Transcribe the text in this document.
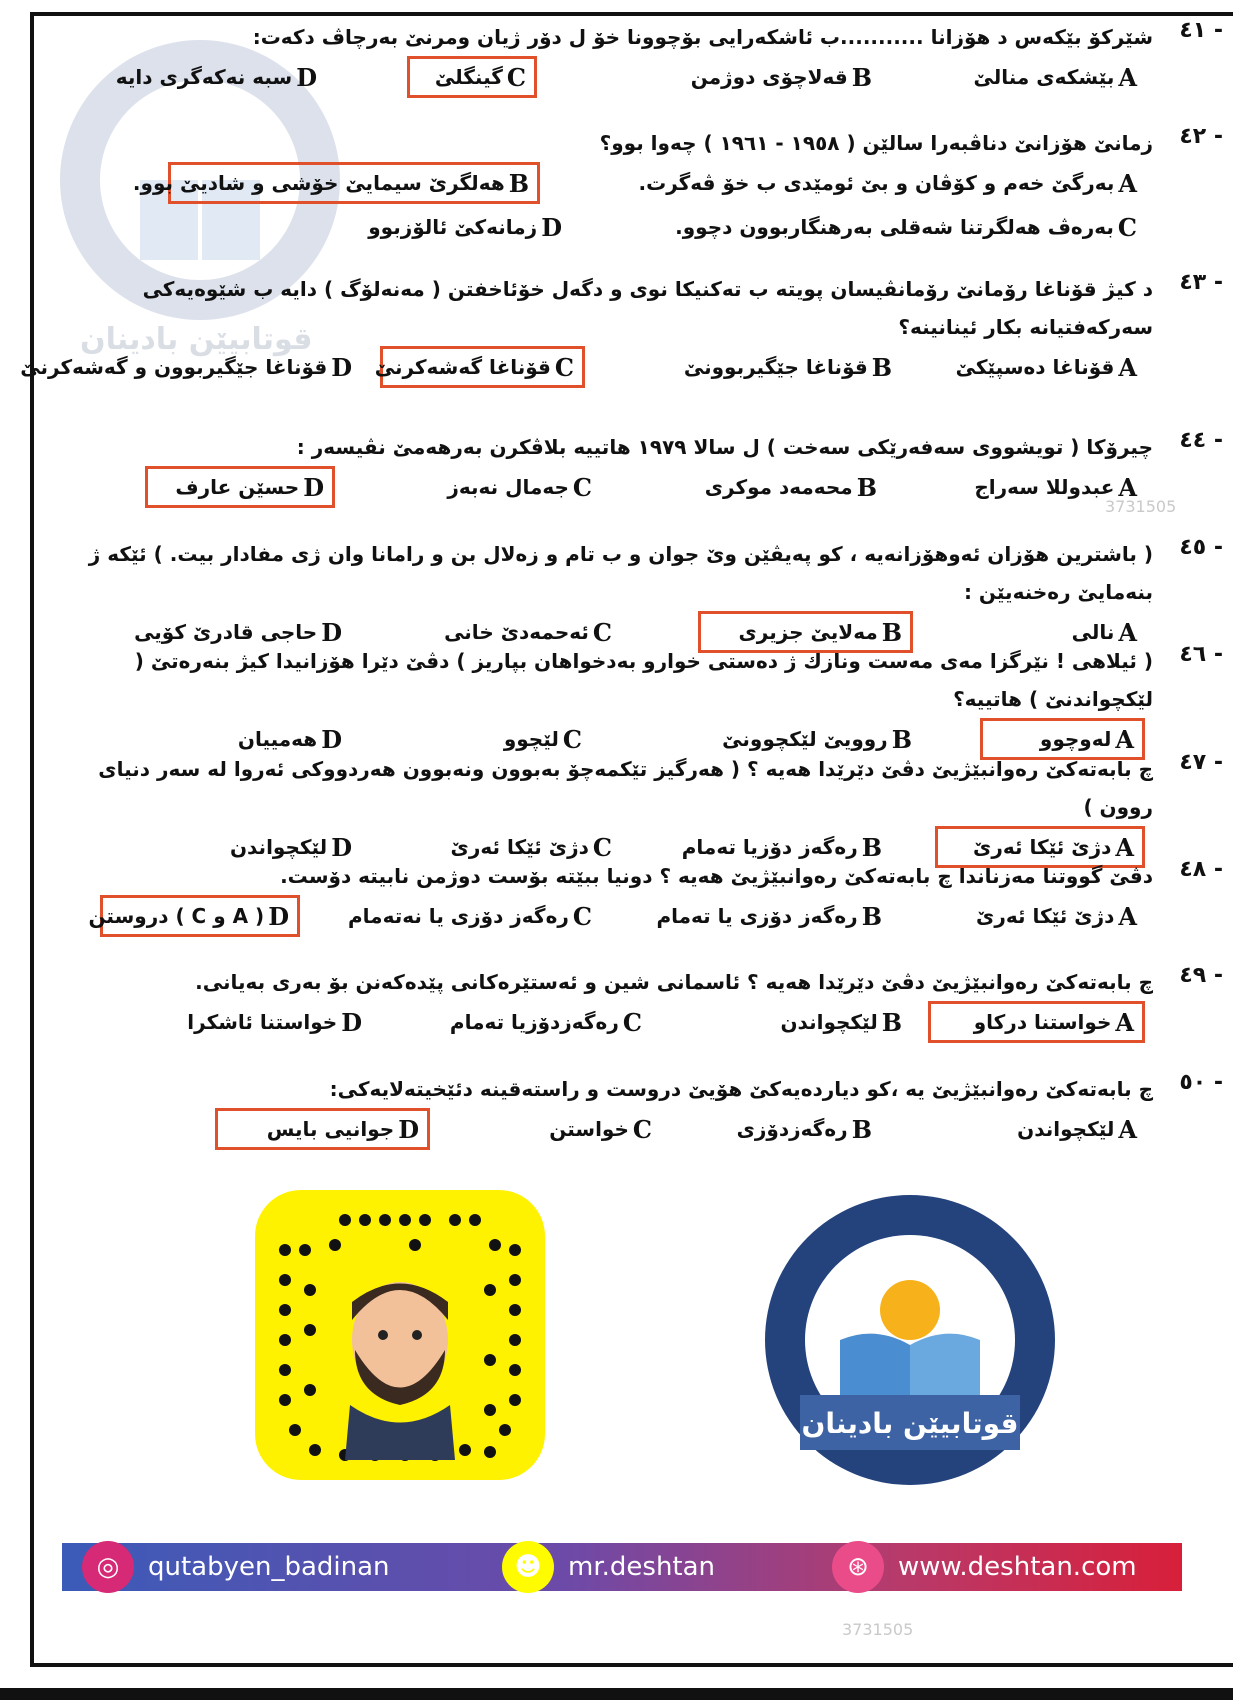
قوتابیێن بادینان
٤١ -
شێرکۆ بێکەس د هۆزانا ...........ب ئاشکەرایی بۆچوونا خۆ ل دۆر ژیان ومرنێ بەرچاڤ دکەت:
A
بێشکەی منالێ
B
قەلاچۆی دوژمن
C
گینگلێ
D
سبە نەکەگری دایە
٤٢ -
زمانێ هۆزانێ دناڤبەرا سالێن ( ١٩٥٨ - ١٩٦١ ) چەوا بوو؟
A
بەرگێ خەم و کۆڤان و بێ ئومێدی ب خۆ ڤەگرت.
B
هەلگرێ سیمایێ خۆشی و شادیێ بوو.
C
بەرەڤ هەلگرتنا شەقلی بەرهنگاربوون دچوو.
D
زمانەکێ ئالۆزبوو
٤٣ -
د کیژ قۆناغا رۆمانێ رۆمانڤیسان پویتە ب تەکنیکا نوی و دگەل خۆئاخفتن ( مەنەلۆگ ) دایە ب شێوەیەکی سەرکەفتیانە بکار ئینانینە؟
A
قۆناغا دەسپێکێ
B
قۆناغا جێگیربوونێ
C
قۆناغا گەشەکرنێ
D
قۆناغا جێگیربوون و گەشەکرنێ
٤٤ -
چیرۆکا ( تویشووی سەفەرێکی سەخت ) ل سالا ١٩٧٩ هاتییە بلاڤکرن بەرهەمێ نڤیسەر :
A
عبدوللا سەراج
B
محەمەد موکری
C
جەمال نەبەز
D
حسێن عارف
3731505
٤٥ -
( باشترین هۆزان ئەوهۆزانەیە ، کو پەیڤێن وێ جوان و ب تام و زەلال بن و رامانا وان ژی مفادار بیت. ) ئێکە ژ بنەمایێ رەخنەیێن :
A
نالی
B
مەلایێ جزیری
C
ئەحمەدێ خانی
D
حاجی قادرێ کۆیی
٤٦ -
( ئیلاهی ! نێرگزا مەی مەست ونازك ژ دەستی خوارو بەدخواهان بپاریز ) دڤێ دێرا هۆزانیدا کیژ بنەرەتێ ( لێکچواندنێ ) هاتییە؟
A
لەوچوو
B
روویێ لێکچوونێ
C
لێچوو
D
هەمییان
٤٧ -
چ بابەتەکێ رەوانبێژیێ دڤێ دێرێدا هەیە ؟ ( هەرگیز تێکمەچۆ بەبوون ونەبوون هەردووکی ئەروا لە سەر دنیای روون )
A
دژێ ئێکا ئەرێ
B
رەگەز دۆزیا تەمام
C
دژێ ئێکا ئەرێ
D
لێکچواندن
٤٨ -
دڤێ گووتنا مەزناندا چ بابەتەکێ رەوانبێژیێ هەیە ؟ دونیا ببێتە بۆست دوژمن نابیتە دۆست.
A
دژێ ئێکا ئەرێ
B
رەگەز دۆزی یا تەمام
C
رەگەز دۆزی یا نەتەمام
D
( A و C ) دروستن
٤٩ -
چ بابەتەکێ رەوانبێژیێ دڤێ دێرێدا هەیە ؟ ئاسمانی شین و ئەستێرەکانی پێدەکەنن بۆ بەری بەیانی.
A
خواستنا درکاو
B
لێکچواندن
C
رەگەزدۆزیا تەمام
D
خواستنا ئاشکرا
٥٠ -
چ بابەتەکێ رەوانبێژیێ یە ،کو دیاردەیەکێ هۆیێ دروست و راستەقینە دئێخیتەلایەکی:
A
لێکچواندن
B
رەگەزدۆزی
C
خواستن
D
جوانیی بایس
قوتابیێن بادینان
◎	qutabyen_badinan	☻	mr.deshtan	⊛	www.deshtan.com
3731505
